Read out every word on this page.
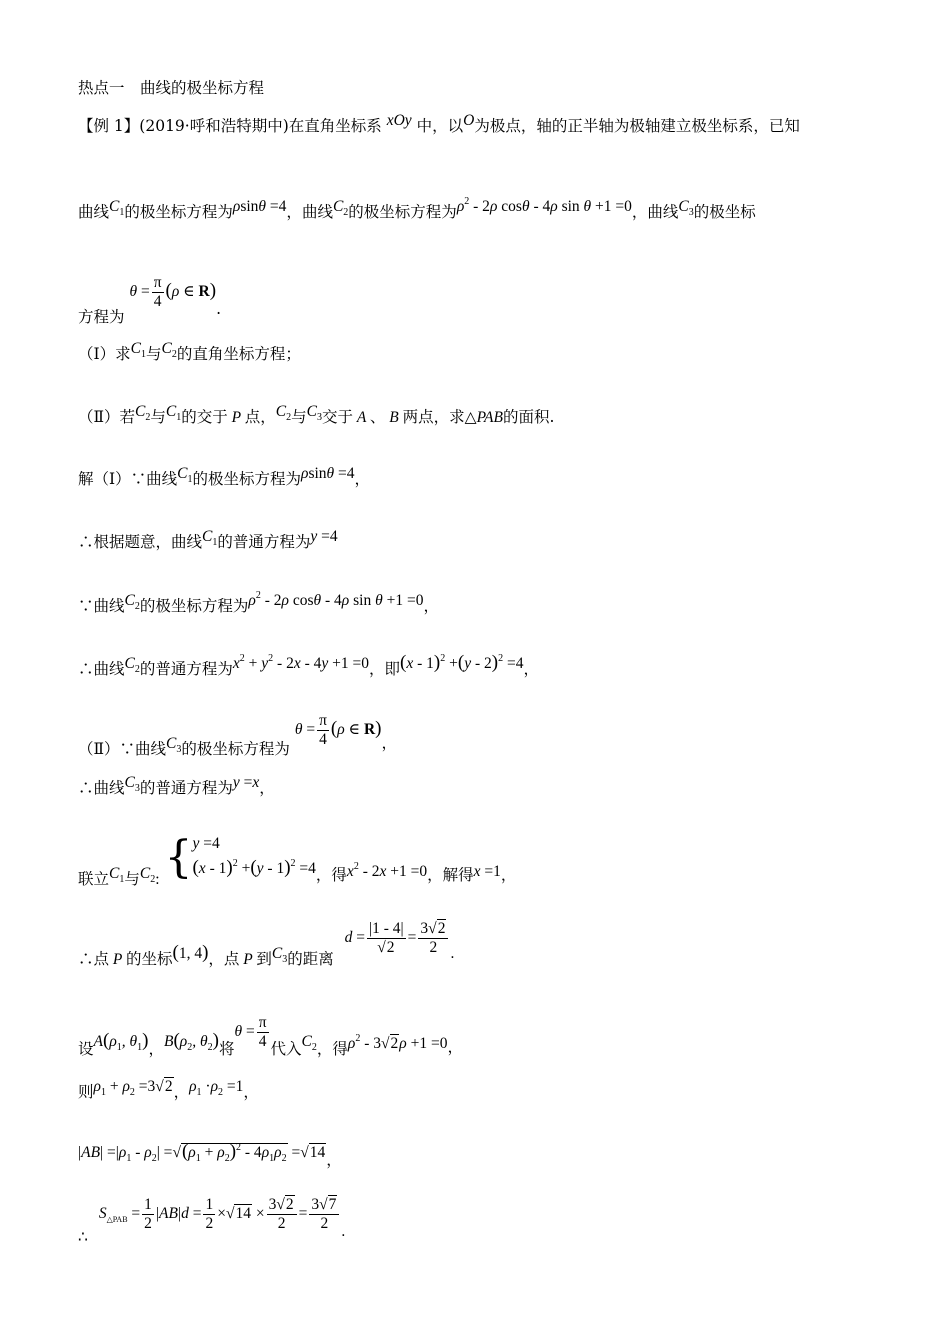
热点一　曲线的极坐标方程
【例 1】(2019·呼和浩特期中)在直角坐标系 xOy 中，以O为极点，轴的正半轴为极轴建立极坐标系，已知
曲线$C_1$的极坐标方程为ρsinθ =4，曲线$C_2$的极坐标方程为$\rho^2 - 2\rho$ cosθ - 4ρ sin θ +1 =0，曲线$C_3$的极坐标
方程为 $\theta = \frac{\pi}{4} (\rho$ ∈ R).
（Ⅰ）求$C_1$与$C_2$的直角坐标方程；
（Ⅱ）若$C_2$与$C_1$的交于 P 点，$C_2$与$C_3$交于 A 、 B 两点，求△PAB的面积.
解（Ⅰ）∵曲线$C_1$的极坐标方程为ρsinθ =4，
∴根据题意，曲线$C_1$的普通方程为y =4
∵曲线$C_2$的极坐标方程为$\rho^2 - 2\rho$ cosθ - 4ρ sin θ +1 =0，
∴曲线$C_2$的普通方程为$x^2 + y^2 - 2x - 4y +1 =0$，即(x - 1)$^2$ +(y - 2)$^2$ =4，
（Ⅱ）∵曲线$C_3$的极坐标方程为 $\theta = \frac{\pi}{4} (\rho$ ∈ R)，
∴曲线$C_3$的普通方程为y =x，
联立$C_1$与$C_2$: { y =4
(x - 1)$^2$ +(y - 1)$^2$ =4 ，得$x^2 - 2x +1 =0$，解得x =1，
∴点 P 的坐标(1, 4)，点 P 到$C_3$的距离 $d = \frac{|1 - 4|}{√2} = \frac{3√2}{2}$ .
设$A(\rho_1$, $\theta_1$)，$B(\rho_2$, $\theta_2$)将$\theta = \frac{\pi}{4}$ 代入$C_2$，得$\rho^2 - 3√2\rho +1 =0$，
则$\rho_1 + \rho_2 =3√2$，$\rho_1 \cdot\rho_2 =1$，
$|AB| =|\rho_1 - \rho_2| =√(\rho_1 + \rho_2)^2 - 4\rho_1\rho_2 =√14$，
∴ $S_{\triangle PAB} = \frac{1}{2} |AB|d = \frac{1}{2} \times√14 \times \frac{3√2}{2} = \frac{3√7}{2}$ .
